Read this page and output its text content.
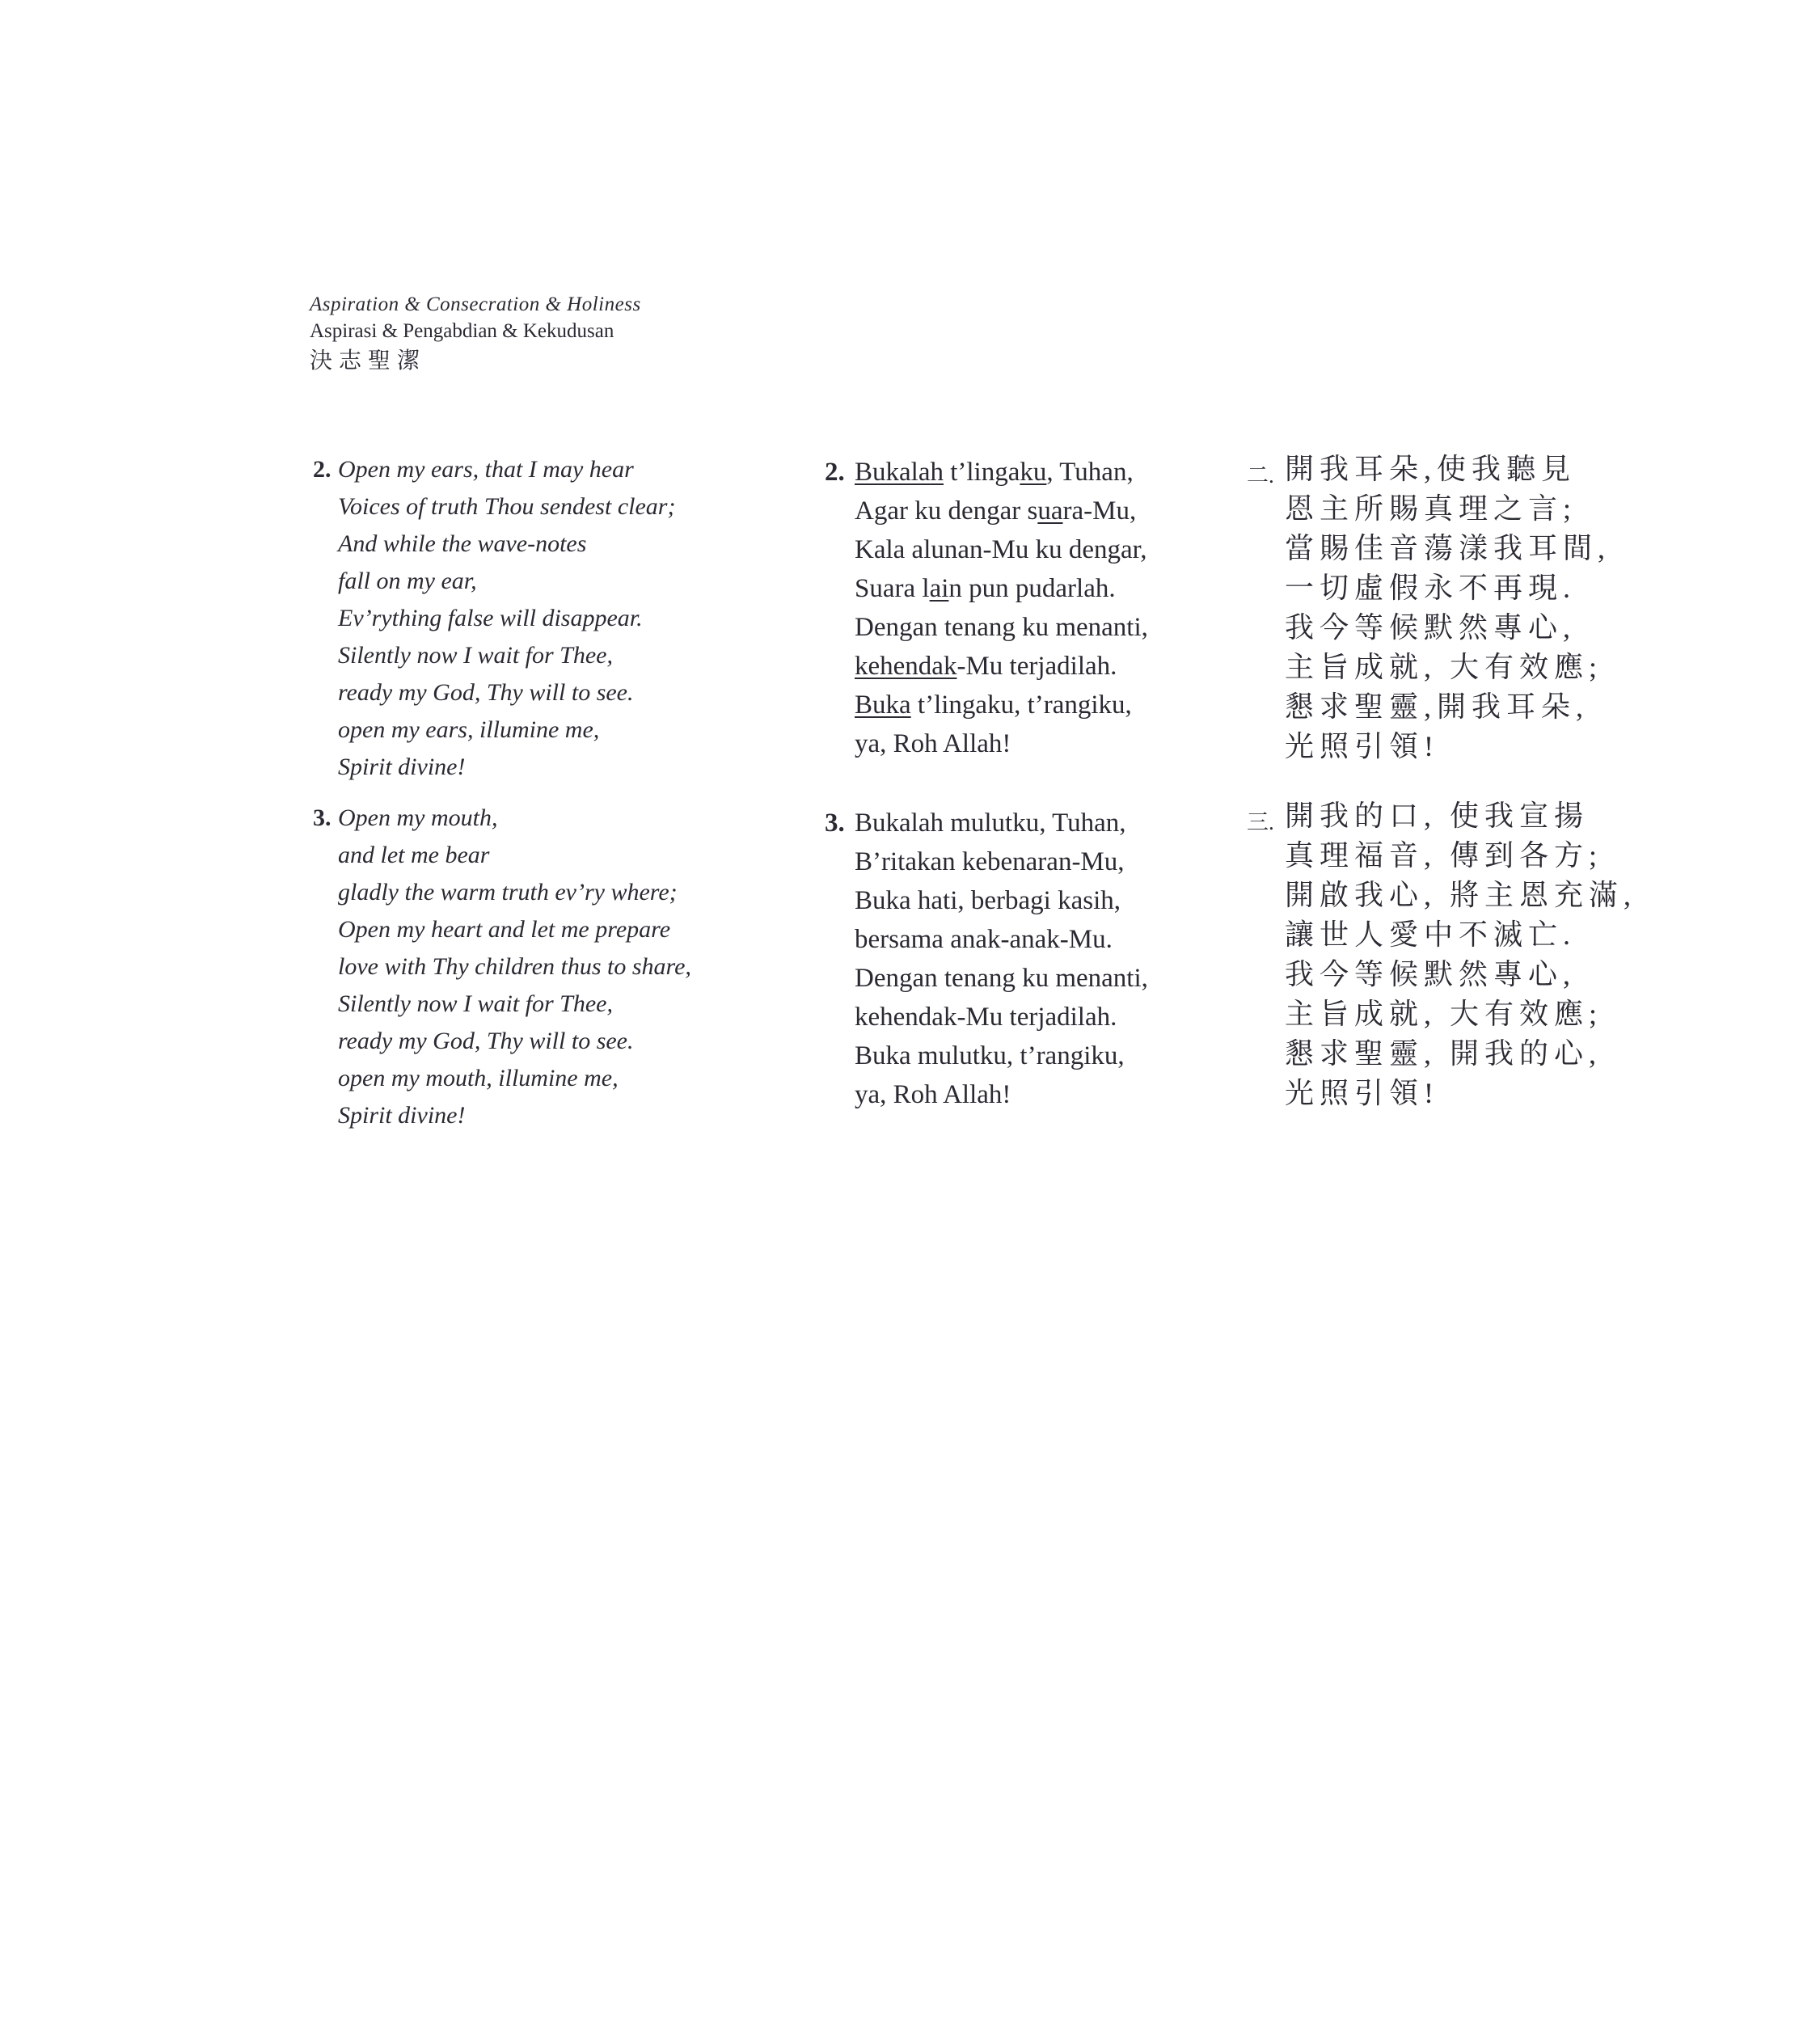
Aspiration & Consecration & Holiness
Aspirasi & Pengabdian & Kekudusan
決志聖潔
2. Open my ears, that I may hear
Voices of truth Thou sendest clear;
And while the wave-notes
fall on my ear,
Ev’rything false will disappear.
Silently now I wait for Thee,
ready my God, Thy will to see.
open my ears, illumine me,
Spirit divine!
3. Open my mouth,
and let me bear
gladly the warm truth ev’ry where;
Open my heart and let me prepare
love with Thy children thus to share,
Silently now I wait for Thee,
ready my God, Thy will to see.
open my mouth, illumine me,
Spirit divine!
2. Bukalah t’lingaku, Tuhan,
Agar ku dengar suara-Mu,
Kala alunan-Mu ku dengar,
Suara lain pun pudarlah.
Dengan tenang ku menanti,
kehendak-Mu terjadilah.
Buka t’lingaku, t’rangiku,
ya, Roh Allah!
3. Bukalah mulutku, Tuhan,
B’ritakan kebenaran-Mu,
Buka hati, berbagi kasih,
bersama anak-anak-Mu.
Dengan tenang ku menanti,
kehendak-Mu terjadilah.
Buka mulutku, t’rangiku,
ya, Roh Allah!
二. 開我耳朵,使我聽見
恩主所賜真理之言;
當賜佳音蕩漾我耳間,
一切虛假永不再現.
我今等候默然專心,
主旨成就, 大有效應;
懇求聖靈,開我耳朵,
光照引領!
三. 開我的口, 使我宣揚
真理福音, 傳到各方;
開啟我心, 將主恩充滿,
讓世人愛中不滅亡.
我今等候默然專心,
主旨成就, 大有效應;
懇求聖靈, 開我的心,
光照引領!
